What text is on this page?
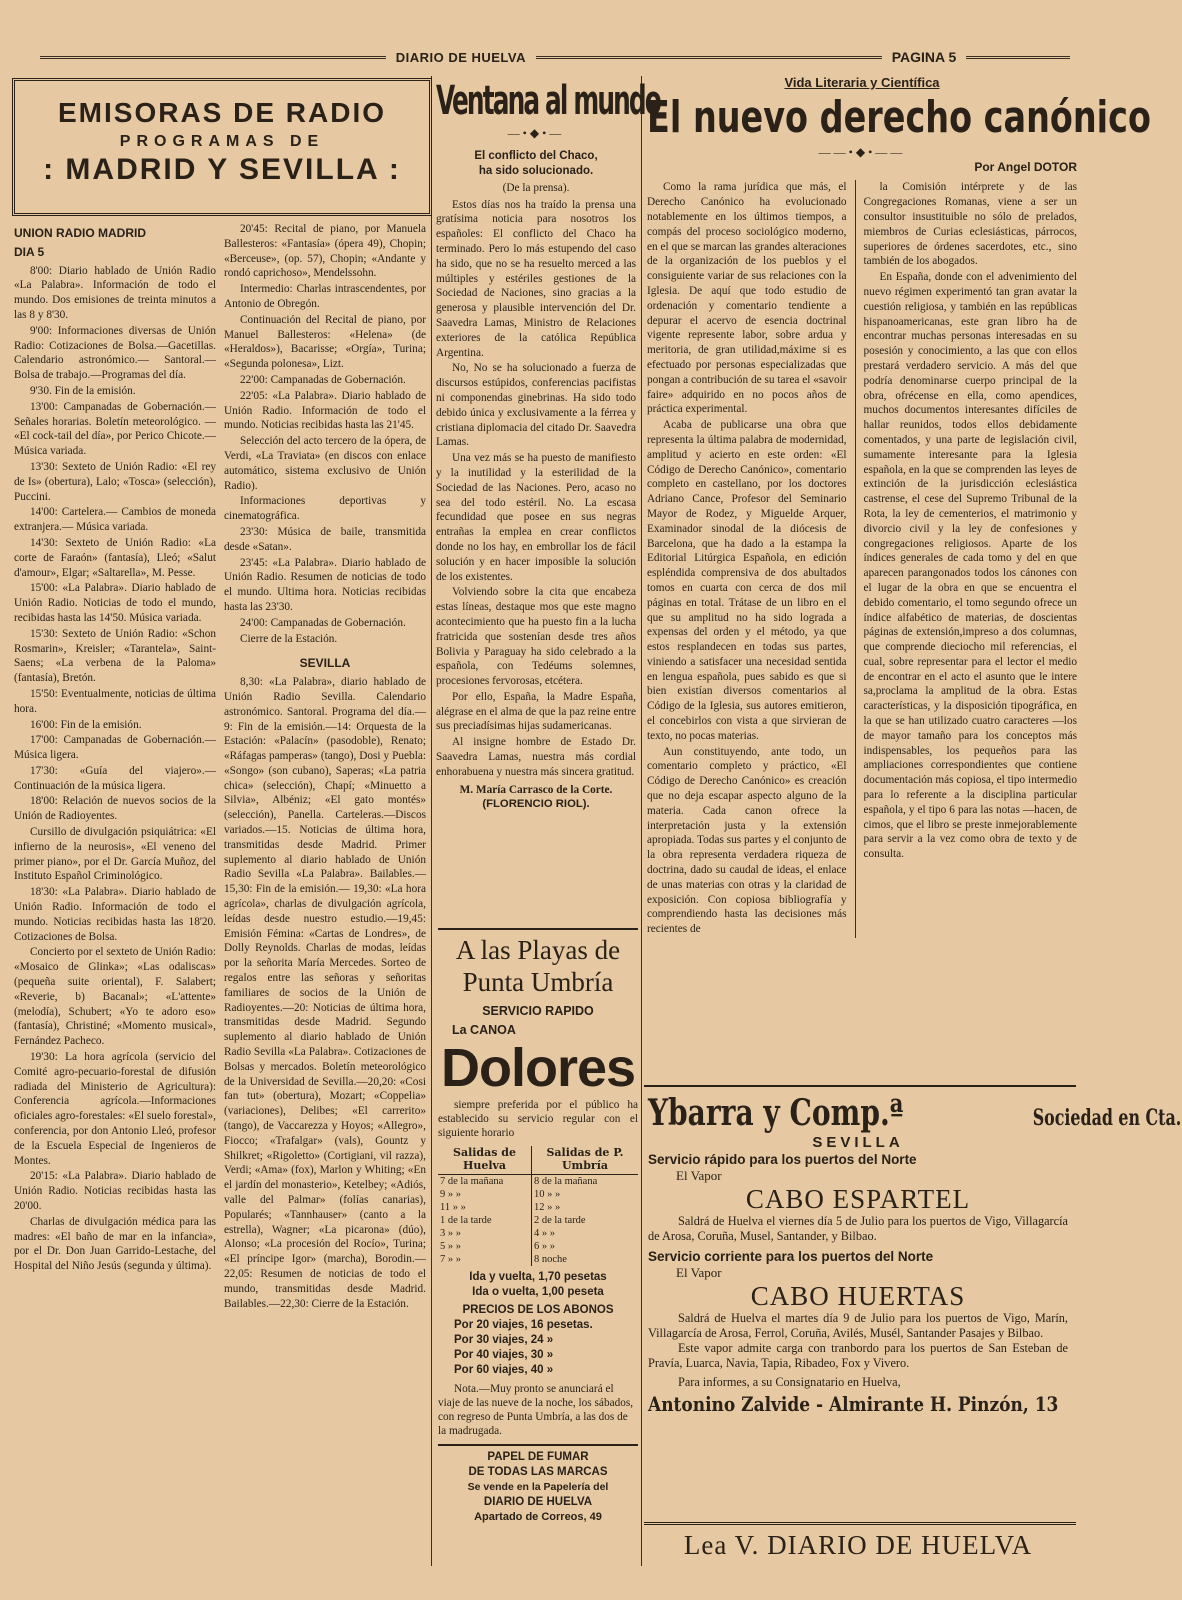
DIARIO DE HUELVA	PAGINA 5
EMISORAS DE RADIO
PROGRAMAS DE
: MADRID Y SEVILLA :
UNION RADIO MADRID
DIA 5
8'00: Diario hablado de Unión Radio «La Palabra». Información de todo el mundo. Dos emisiones de treinta minutos a las 8 y 8'30.
9'00: Informaciones diversas de Unión Radio: Cotizaciones de Bolsa.—Gacetillas. Calendario astronómico.— Santoral.— Bolsa de trabajo.—Programas del día.
9'30. Fin de la emisión.
13'00: Campanadas de Gobernación.— Señales horarias. Boletín meteorológico. — «El cock-tail del día», por Perico Chicote.—Música variada.
13'30: Sexteto de Unión Radio: «El rey de Is» (obertura), Lalo; «Tosca» (selección), Puccini.
14'00: Cartelera.— Cambios de moneda extranjera.— Música variada.
14'30: Sexteto de Unión Radio: «La corte de Faraón» (fantasía), Lleó; «Salut d'amour», Elgar; «Saltarella», M. Pesse.
15'00: «La Palabra». Diario hablado de Unión Radio. Noticias de todo el mundo, recibidas hasta las 14'50. Música variada.
15'30: Sexteto de Unión Radio: «Schon Rosmarin», Kreisler; «Tarantela», Saint-Saens; «La verbena de la Paloma» (fantasía), Bretón.
15'50: Eventualmente, noticias de última hora.
16'00: Fin de la emisión.
17'00: Campanadas de Gobernación.—Música ligera.
17'30: «Guía del viajero».—Continuación de la música ligera.
18'00: Relación de nuevos socios de la Unión de Radioyentes.
Cursillo de divulgación psiquiátrica: «El infierno de la neurosis», «El veneno del primer piano», por el Dr. García Muñoz, del Instituto Español Criminológico.
18'30: «La Palabra». Diario hablado de Unión Radio. Información de todo el mundo. Noticias recibidas hasta las 18'20. Cotizaciones de Bolsa.
Concierto por el sexteto de Unión Radio: «Mosaico de Glinka»; «Las odaliscas» (pequeña suite oriental), F. Salabert; «Reverie, b) Bacanal»; «L'attente» (melodía), Schubert; «Yo te adoro eso» (fantasía), Christiné; «Momento musical», Fernández Pacheco.
19'30: La hora agrícola (servicio del Comité agro-pecuario-forestal de difusión radiada del Ministerio de Agricultura): Conferencia agrícola.—Informaciones oficiales agro-forestales: «El suelo forestal», conferencia, por don Antonio Lleó, profesor de la Escuela Especial de Ingenieros de Montes.
20'15: «La Palabra». Diario hablado de Unión Radio. Noticias recibidas hasta las 20'00.
Charlas de divulgación médica para las madres: «El baño de mar en la infancia», por el Dr. Don Juan Garrido-Lestache, del Hospital del Niño Jesús (segunda y última).
20'45: Recital de piano, por Manuela Ballesteros: «Fantasía» (ópera 49), Chopin; «Berceuse», (op. 57), Chopin; «Andante y rondó caprichoso», Mendelssohn.
Intermedio: Charlas intrascendentes, por Antonio de Obregón.
Continuación del Recital de piano, por Manuel Ballesteros: «Helena» (de «Heraldos»), Bacarisse; «Orgía», Turina; «Segunda polonesa», Lizt.
22'00: Campanadas de Gobernación.
22'05: «La Palabra». Diario hablado de Unión Radio. Información de todo el mundo. Noticias recibidas hasta las 21'45.
Selección del acto tercero de la ópera, de Verdi, «La Traviata» (en discos con enlace automático, sistema exclusivo de Unión Radio).
Informaciones deportivas y cinematográfica.
23'30: Música de baile, transmitida desde «Satan».
23'45: «La Palabra». Diario hablado de Unión Radio. Resumen de noticias de todo el mundo. Ultima hora. Noticias recibidas hasta las 23'30.
24'00: Campanadas de Gobernación.
Cierre de la Estación.
SEVILLA
8,30: «La Palabra», diario hablado de Unión Radio Sevilla. Calendario astronómico. Santoral. Programa del día.—9: Fin de la emisión.—14: Orquesta de la Estación: «Palacín» (pasodoble), Renato; «Ráfagas pamperas» (tango), Dosi y Puebla: «Songo» (son cubano), Saperas; «La patria chica» (selección), Chapí; «Minuetto a Silvia», Albéniz; «El gato montés» (selección), Panella. Carteleras.—Discos variados.—15. Noticias de última hora, transmitidas desde Madrid. Primer suplemento al diario hablado de Unión Radio Sevilla «La Palabra». Bailables.—15,30: Fin de la emisión.— 19,30: «La hora agrícola», charlas de divulgación agrícola, leídas desde nuestro estudio.—19,45: Emisión Fémina: «Cartas de Londres», de Dolly Reynolds. Charlas de modas, leídas por la señorita María Mercedes. Sorteo de regalos entre las señoras y señoritas familiares de socios de la Unión de Radioyentes.—20: Noticias de última hora, transmitidas desde Madrid. Segundo suplemento al diario hablado de Unión Radio Sevilla «La Palabra». Cotizaciones de Bolsas y mercados. Boletín meteorológico de la Universidad de Sevilla.—20,20: «Cosi fan tut» (obertura), Mozart; «Coppelia» (variaciones), Delibes; «El carrerito» (tango), de Vaccarezza y Hoyos; «Allegro», Fiocco; «Trafalgar» (vals), Gountz y Shilkret; «Rigoletto» (Cortigiani, vil razza), Verdi; «Ama» (fox), Marlon y Whiting; «En el jardín del monasterio», Ketelbey; «Adiós, valle del Palmar» (folías canarias), Popularés; «Tannhauser» (canto a la estrella), Wagner; «La picarona» (dúo), Alonso; «La procesión del Rocío», Turina; «El príncipe Igor» (marcha), Borodin.—22,05: Resumen de noticias de todo el mundo, transmitidas desde Madrid. Bailables.—22,30: Cierre de la Estación.
Ventana al mundo
—•◆•—
El conflicto del Chaco,
ha sido solucionado.
(De la prensa).
Estos días nos ha traído la prensa una gratísima noticia para nosotros los españoles: El conflicto del Chaco ha terminado. Pero lo más estupendo del caso ha sido, que no se ha resuelto merced a las múltiples y estériles gestiones de la Sociedad de Naciones, sino gracias a la generosa y plausible intervención del Dr. Saavedra Lamas, Ministro de Relaciones exteriores de la católica República Argentina.
No, No se ha solucionado a fuerza de discursos estúpidos, conferencias pacifistas ni componendas ginebrinas. Ha sido todo debido única y exclusivamente a la férrea y cristiana diplomacia del citado Dr. Saavedra Lamas.
Una vez más se ha puesto de manifiesto y la inutilidad y la esterilidad de la Sociedad de las Naciones. Pero, acaso no sea del todo estéril. No. La escasa fecundidad que posee en sus negras entrañas la emplea en crear conflictos donde no los hay, en embrollar los de fácil solución y en hacer imposible la solución de los existentes.
Volviendo sobre la cita que encabeza estas líneas, destaque mos que este magno acontecimiento que ha puesto fin a la lucha fratricida que sostenían desde tres años Bolivia y Paraguay ha sido celebrado a la española, con Tedéums solemnes, procesiones fervorosas, etcétera.
Por ello, España, la Madre España, alégrase en el alma de que la paz reine entre sus preciadísimas hijas sudamericanas.
Al insigne hombre de Estado Dr. Saavedra Lamas, nuestra más cordial enhorabuena y nuestra más sincera gratitud.
M. María Carrasco de la Corte.
(FLORENCIO RIOL).
A las Playas de
Punta Umbría
SERVICIO RAPIDO
La CANOA
Dolores
siempre preferida por el público ha establecido su servicio regular con el siguiente horario
Salidas de Huelva	Salidas de P. Umbría
7 de la mañana	8 de la mañana
9 » »	10 » »
11 » »	12 » »
1 de la tarde	2 de la tarde
3 » »	4 » »
5 » »	6 » »
7 » »	8 noche
Ida y vuelta, 1,70 pesetas
Ida o vuelta, 1,00 peseta
PRECIOS DE LOS ABONOS
Por 20 viajes, 16 pesetas.
Por 30 viajes, 24 »
Por 40 viajes, 30 »
Por 60 viajes, 40 »
Nota.—Muy pronto se anunciará el viaje de las nueve de la noche, los sábados, con regreso de Punta Umbría, a las dos de la madrugada.
PAPEL DE FUMAR
DE TODAS LAS MARCAS
Se vende en la Papelería del
DIARIO DE HUELVA
Apartado de Correos, 49
Vida Literaria y Científica
El nuevo derecho canónico
——•◆•——
Por Angel DOTOR
Como la rama jurídica que más, el Derecho Canónico ha evolucionado notablemente en los últimos tiempos, a compás del proceso sociológico moderno, en el que se marcan las grandes alteraciones de la organización de los pueblos y el consiguiente variar de sus relaciones con la Iglesia. De aquí que todo estudio de ordenación y comentario tendiente a depurar el acervo de esencia doctrinal vigente represente labor, sobre ardua y meritoria, de gran utilidad,máxime si es efectuado por personas especializadas que pongan a contribución de su tarea el «savoir faire» adquirido en no pocos años de práctica experimental.
Acaba de publicarse una obra que representa la última palabra de modernidad, amplitud y acierto en este orden: «El Código de Derecho Canónico», comentario completo en castellano, por los doctores Adriano Cance, Profesor del Seminario Mayor de Rodez, y Miguelde Arquer, Examinador sinodal de la diócesis de Barcelona, que ha dado a la estampa la Editorial Litúrgica Española, en edición espléndida comprensiva de dos abultados tomos en cuarta con cerca de dos mil páginas en total. Trátase de un libro en el que su amplitud no ha sido lograda a expensas del orden y el método, ya que estos resplandecen en todas sus partes, viniendo a satisfacer una necesidad sentida en lengua española, pues sabido es que si bien existían diversos comentarios al Código de la Iglesia, sus autores emitieron, el concebirlos con vista a que sirvieran de texto, no pocas materias.
Aun constituyendo, ante todo, un comentario completo y práctico, «El Código de Derecho Canónico» es creación que no deja escapar aspecto alguno de la materia. Cada canon ofrece la interpretación justa y la extensión apropiada. Todas sus partes y el conjunto de la obra representa verdadera riqueza de doctrina, dado su caudal de ideas, el enlace de unas materias con otras y la claridad de exposición. Con copiosa bibliografía y comprendiendo hasta las decisiones más recientes de
la Comisión intérprete y de las Congregaciones Romanas, viene a ser un consultor insustituible no sólo de prelados, miembros de Curias eclesiásticas, párrocos, superiores de órdenes sacerdotes, etc., sino también de los abogados.
En España, donde con el advenimiento del nuevo régimen experimentó tan gran avatar la cuestión religiosa, y también en las repúblicas hispanoamericanas, este gran libro ha de encontrar muchas personas interesadas en su posesión y conocimiento, a las que con ellos prestará verdadero servicio. A más del que podría denominarse cuerpo principal de la obra, ofrécense en ella, como apendices, muchos documentos interesantes difíciles de hallar reunidos, todos ellos debidamente comentados, y una parte de legislación civil, sumamente interesante para la Iglesia española, en la que se comprenden las leyes de extinción de la jurisdicción eclesiástica castrense, el cese del Supremo Tribunal de la Rota, la ley de cementerios, el matrimonio y divorcio civil y la ley de confesiones y congregaciones religiosos. Aparte de los índices generales de cada tomo y del en que aparecen parangonados todos los cánones con el lugar de la obra en que se encuentra el debido comentario, el tomo segundo ofrece un índice alfabético de materias, de doscientas páginas de extensión,impreso a dos columnas, que comprende dieciocho mil referencias, el cual, sobre representar para el lector el medio de encontrar en el acto el asunto que le intere sa,proclama la amplitud de la obra. Estas características, y la disposición tipográfica, en la que se han utilizado cuatro caracteres —los de mayor tamaño para los conceptos más indispensables, los pequeños para las ampliaciones correspondientes que contiene documentación más copiosa, el tipo intermedio para lo referente a la disciplina particular española, y el tipo 6 para las notas —hacen, de cimos, que el libro se preste inmejorablemente para servir a la vez como obra de texto y de consulta.
Ybarra y Comp.ª	Sociedad en Cta.
SEVILLA
Servicio rápido para los puertos del Norte
El Vapor
CABO ESPARTEL
Saldrá de Huelva el viernes día 5 de Julio para los puertos de Vigo, Villagarcía de Arosa, Coruña, Musel, Santander, y Bilbao.
Servicio corriente para los puertos del Norte
El Vapor
CABO HUERTAS
Saldrá de Huelva el martes día 9 de Julio para los puertos de Vigo, Marín, Villagarcía de Arosa, Ferrol, Coruña, Avilés, Musél, Santander Pasajes y Bilbao.
Este vapor admite carga con tranbordo para los puertos de San Esteban de Pravía, Luarca, Navia, Tapia, Ribadeo, Fox y Vivero.
Para informes, a su Consignatario en Huelva,
Antonino Zalvide - Almirante H. Pinzón, 13
Lea V. DIARIO DE HUELVA
